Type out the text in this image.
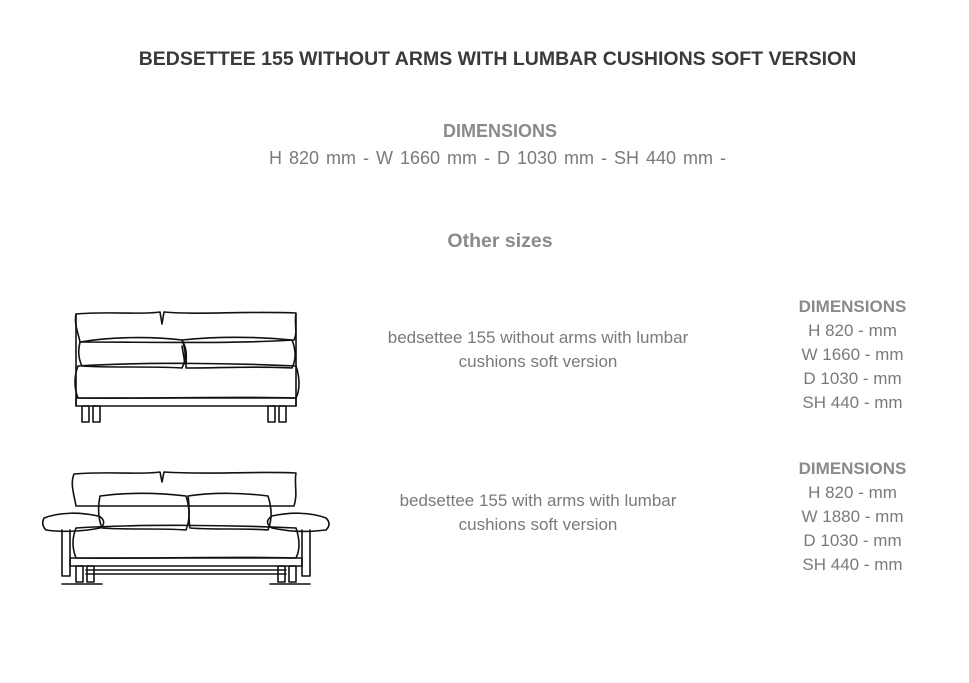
BEDSETTEE 155 WITHOUT ARMS WITH LUMBAR CUSHIONS SOFT VERSION
DIMENSIONS
H 820 mm - W 1660 mm - D 1030 mm - SH 440 mm -
Other sizes
bedsettee 155 without arms with lumbar
cushions soft version
DIMENSIONS
H 820 - mm
W 1660 - mm
D 1030 - mm
SH 440 - mm
bedsettee 155 with arms with lumbar
cushions soft version
DIMENSIONS
H 820 - mm
W 1880 - mm
D 1030 - mm
SH 440 - mm
